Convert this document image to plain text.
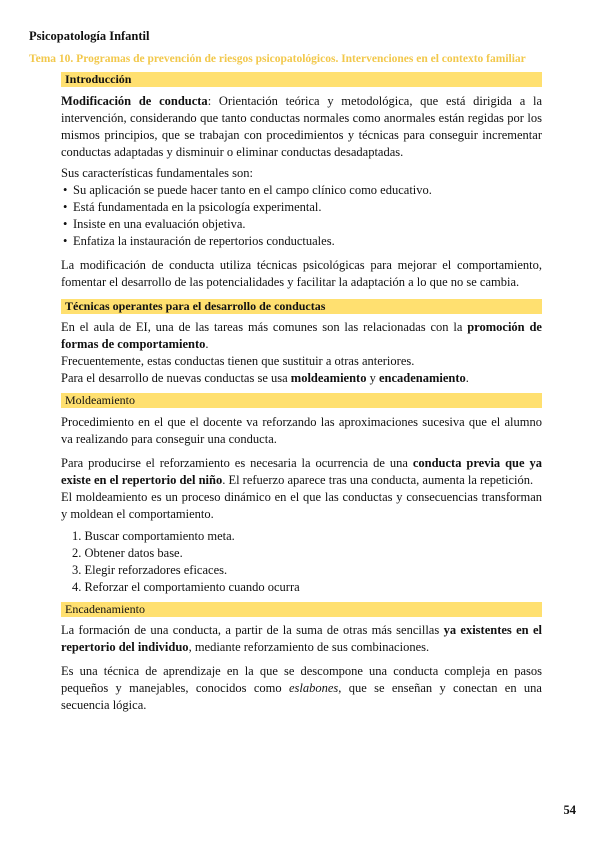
Psicopatología Infantil
Tema 10. Programas de prevención de riesgos psicopatológicos. Intervenciones en el contexto familiar
Introducción
Modificación de conducta: Orientación teórica y metodológica, que está dirigida a la intervención, considerando que tanto conductas normales como anormales están regidas por los mismos principios, que se trabajan con procedimientos y técnicas para conseguir incrementar conductas adaptadas y disminuir o eliminar conductas desadaptadas.
Sus características fundamentales son:
• Su aplicación se puede hacer tanto en el campo clínico como educativo.
• Está fundamentada en la psicología experimental.
• Insiste en una evaluación objetiva.
• Enfatiza la instauración de repertorios conductuales.
La modificación de conducta utiliza técnicas psicológicas para mejorar el comportamiento, fomentar el desarrollo de las potencialidades y facilitar la adaptación a lo que no se cambia.
Técnicas operantes para el desarrollo de conductas
En el aula de EI, una de las tareas más comunes son las relacionadas con la promoción de formas de comportamiento.
Frecuentemente, estas conductas tienen que sustituir a otras anteriores.
Para el desarrollo de nuevas conductas se usa moldeamiento y encadenamiento.
Moldeamiento
Procedimiento en el que el docente va reforzando las aproximaciones sucesiva que el alumno va realizando para conseguir una conducta.
Para producirse el reforzamiento es necesaria la ocurrencia de una conducta previa que ya existe en el repertorio del niño. El refuerzo aparece tras una conducta, aumenta la repetición.
El moldeamiento es un proceso dinámico en el que las conductas y consecuencias transforman y moldean el comportamiento.
1. Buscar comportamiento meta.
2. Obtener datos base.
3. Elegir reforzadores eficaces.
4. Reforzar el comportamiento cuando ocurra
Encadenamiento
La formación de una conducta, a partir de la suma de otras más sencillas ya existentes en el repertorio del individuo, mediante reforzamiento de sus combinaciones.
Es una técnica de aprendizaje en la que se descompone una conducta compleja en pasos pequeños y manejables, conocidos como eslabones, que se enseñan y conectan en una secuencia lógica.
54
